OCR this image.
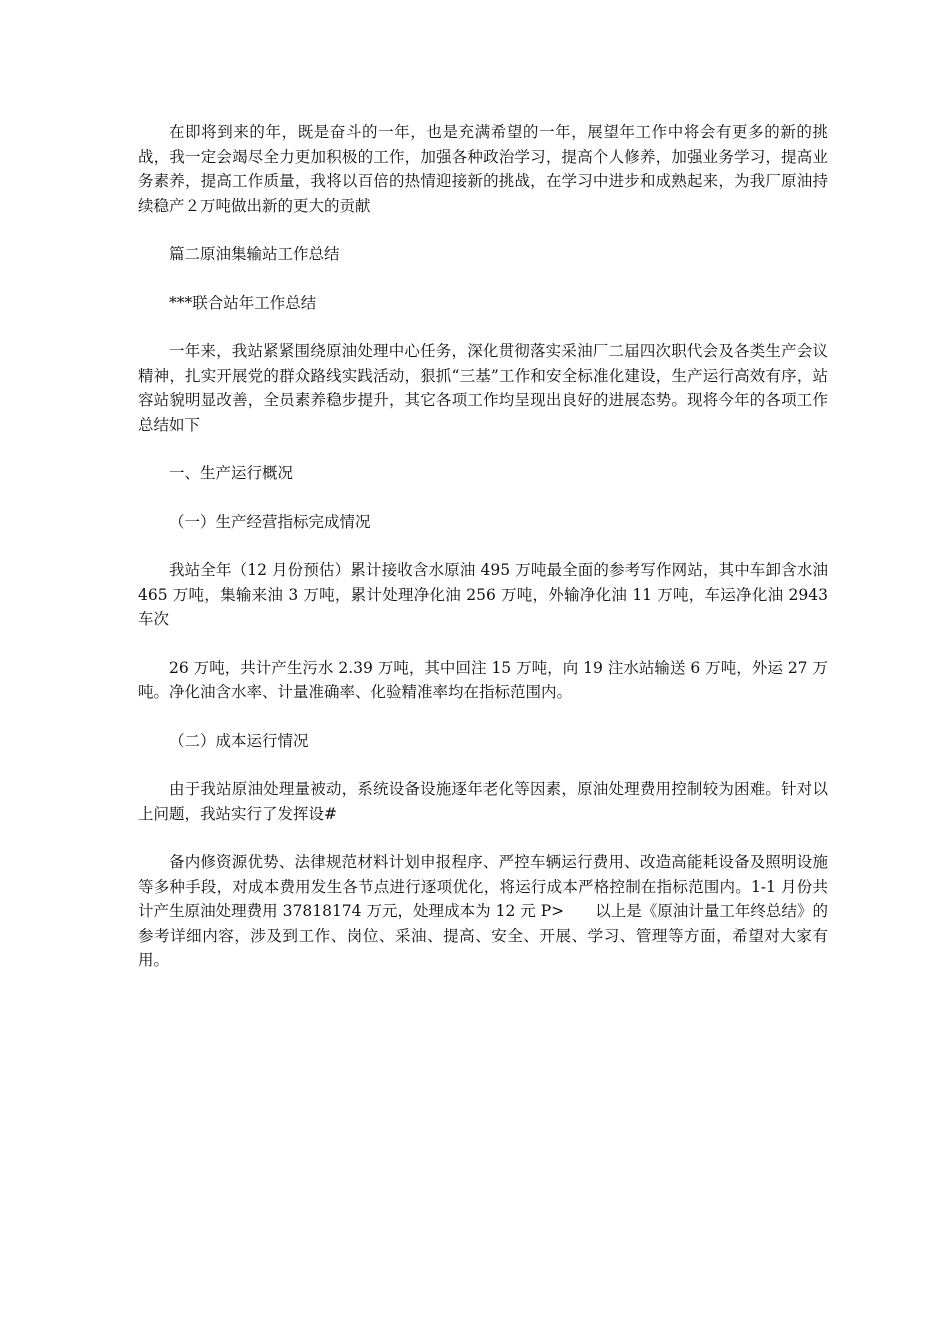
在即将到来的年，既是奋斗的一年，也是充满希望的一年，展望年工作中将会有更多的新的挑战，我一定会竭尽全力更加积极的工作，加强各种政治学习，提高个人修养，加强业务学习，提高业务素养，提高工作质量，我将以百倍的热情迎接新的挑战，在学习中进步和成熟起来，为我厂原油持续稳产２万吨做出新的更大的贡献

篇二原油集输站工作总结

***联合站年工作总结

一年来，我站紧紧围绕原油处理中心任务，深化贯彻落实采油厂二届四次职代会及各类生产会议精神，扎实开展党的群众路线实践活动，狠抓“三基”工作和安全标准化建设，生产运行高效有序，站容站貌明显改善，全员素养稳步提升，其它各项工作均呈现出良好的进展态势。现将今年的各项工作总结如下

一、生产运行概况

（一）生产经营指标完成情况

我站全年（12 月份预估）累计接收含水原油 495 万吨最全面的参考写作网站，其中车卸含水油 465 万吨，集输来油 3 万吨，累计处理净化油 256 万吨，外输净化油 11 万吨，车运净化油 2943 车次

26 万吨，共计产生污水 2.39 万吨，其中回注 15 万吨，向 19 注水站输送 6 万吨，外运 27 万吨。净化油含水率、计量准确率、化验精准率均在指标范围内。

（二）成本运行情况

由于我站原油处理量被动，系统设备设施逐年老化等因素，原油处理费用控制较为困难。针对以上问题，我站实行了发挥设#

备内修资源优势、法律规范材料计划申报程序、严控车辆运行费用、改造高能耗设备及照明设施等多种手段，对成本费用发生各节点进行逐项优化，将运行成本严格控制在指标范围内。1-1 月份共计产生原油处理费用 37818174 万元，处理成本为 12 元 P>　　以上是《原油计量工年终总结》的参考详细内容，涉及到工作、岗位、采油、提高、安全、开展、学习、管理等方面，希望对大家有用。
